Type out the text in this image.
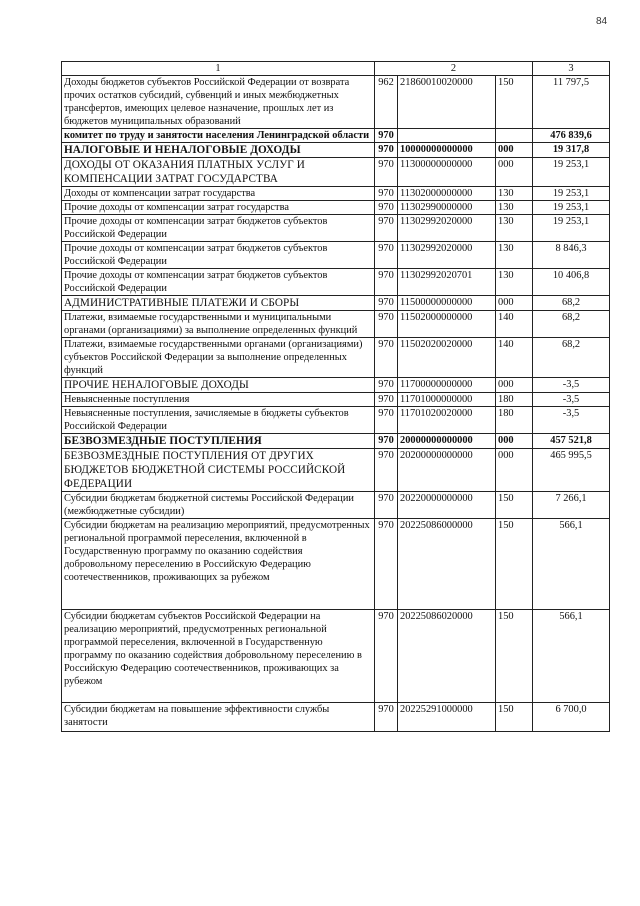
84
1	2			3
Доходы бюджетов субъектов Российской Федерации от возврата прочих остатков субсидий, субвенций и иных межбюджетных трансфертов, имеющих целевое назначение, прошлых лет из бюджетов муниципальных образований	962	21860010020000	150	11 797,5
комитет по труду и занятости населения Ленинградской области	970			476 839,6
НАЛОГОВЫЕ И НЕНАЛОГОВЫЕ ДОХОДЫ	970	10000000000000	000	19 317,8
ДОХОДЫ ОТ ОКАЗАНИЯ ПЛАТНЫХ УСЛУГ И КОМПЕНСАЦИИ ЗАТРАТ ГОСУДАРСТВА	970	11300000000000	000	19 253,1
Доходы от компенсации затрат государства	970	11302000000000	130	19 253,1
Прочие доходы от компенсации затрат государства	970	11302990000000	130	19 253,1
Прочие доходы от компенсации затрат бюджетов субъектов Российской Федерации	970	11302992020000	130	19 253,1
Прочие доходы от компенсации затрат бюджетов субъектов Российской Федерации	970	11302992020000	130	8 846,3
Прочие доходы от компенсации затрат бюджетов субъектов Российской Федерации	970	11302992020701	130	10 406,8
АДМИНИСТРАТИВНЫЕ ПЛАТЕЖИ И СБОРЫ	970	11500000000000	000	68,2
Платежи, взимаемые государственными и муниципальными органами (организациями) за выполнение определенных функций	970	11502000000000	140	68,2
Платежи, взимаемые государственными органами (организациями) субъектов Российской Федерации за выполнение определенных функций	970	11502020020000	140	68,2
ПРОЧИЕ НЕНАЛОГОВЫЕ ДОХОДЫ	970	11700000000000	000	-3,5
Невыясненные поступления	970	11701000000000	180	-3,5
Невыясненные поступления, зачисляемые в бюджеты субъектов Российской Федерации	970	11701020020000	180	-3,5
БЕЗВОЗМЕЗДНЫЕ ПОСТУПЛЕНИЯ	970	20000000000000	000	457 521,8
БЕЗВОЗМЕЗДНЫЕ ПОСТУПЛЕНИЯ ОТ ДРУГИХ БЮДЖЕТОВ БЮДЖЕТНОЙ СИСТЕМЫ РОССИЙСКОЙ ФЕДЕРАЦИИ	970	20200000000000	000	465 995,5
Субсидии бюджетам бюджетной системы Российской Федерации (межбюджетные субсидии)	970	20220000000000	150	7 266,1
Субсидии бюджетам на реализацию мероприятий, предусмотренных региональной программой переселения, включенной в Государственную программу по оказанию содействия добровольному переселению в Российскую Федерацию соотечественников, проживающих за рубежом	970	20225086000000	150	566,1
Субсидии бюджетам субъектов Российской Федерации на реализацию мероприятий, предусмотренных региональной программой переселения, включенной в Государственную программу по оказанию содействия добровольному переселению в Российскую Федерацию соотечественников, проживающих за рубежом	970	20225086020000	150	566,1
Субсидии бюджетам на повышение эффективности службы занятости	970	20225291000000	150	6 700,0
